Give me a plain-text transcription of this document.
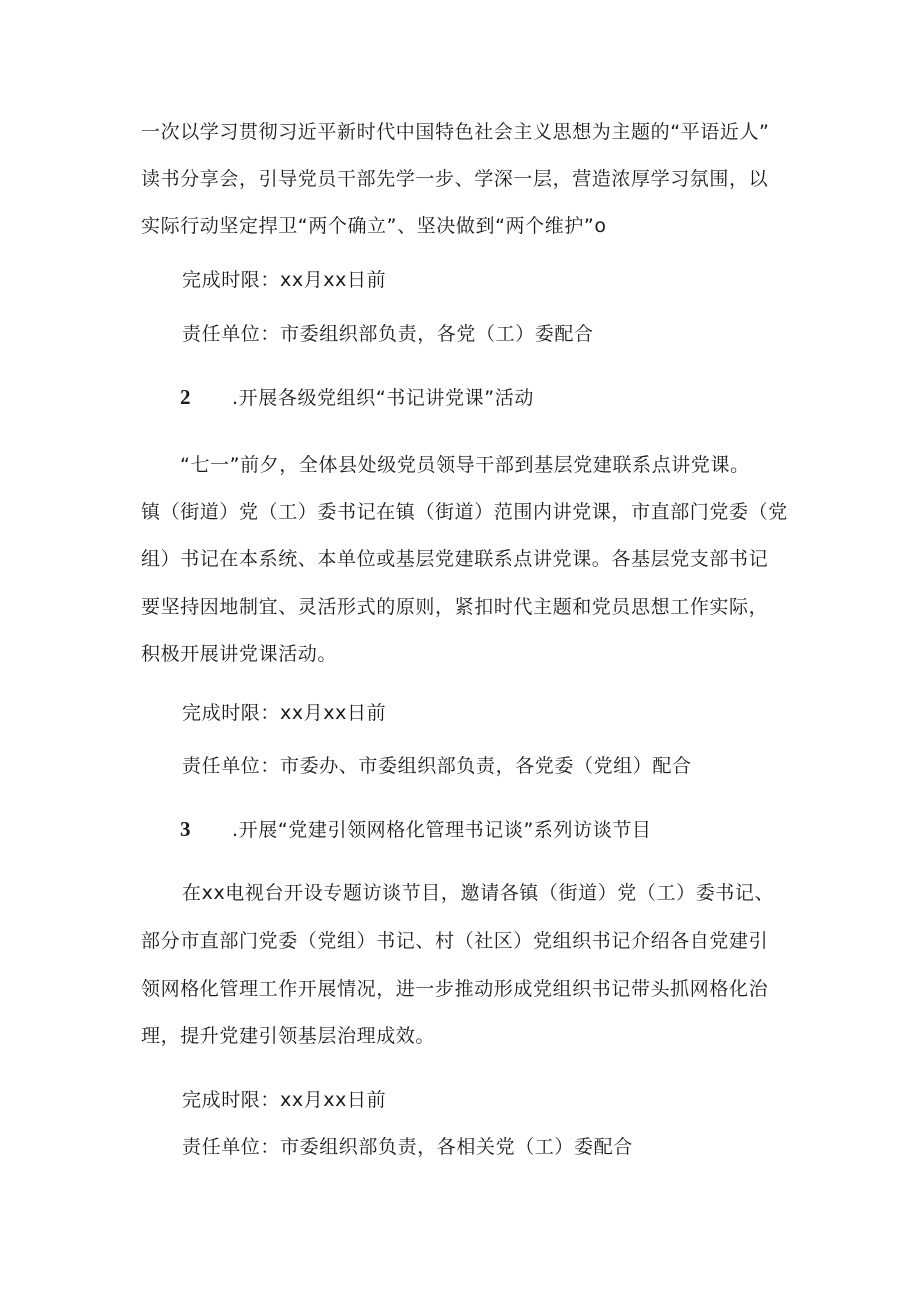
一次以学习贯彻习近平新时代中国特色社会主义思想为主题的“平语近人”
读书分享会，引导党员干部先学一步、学深一层，营造浓厚学习氛围，以
实际行动坚定捍卫“两个确立”、坚决做到“两个维护”o
完成时限：xx月xx日前
责任单位：市委组织部负责，各党（工）委配合
2 .开展各级党组织“书记讲党课”活动
“七一”前夕，全体县处级党员领导干部到基层党建联系点讲党课。
镇（街道）党（工）委书记在镇（街道）范围内讲党课，市直部门党委（党
组）书记在本系统、本单位或基层党建联系点讲党课。各基层党支部书记
要坚持因地制宜、灵活形式的原则，紧扣时代主题和党员思想工作实际，
积极开展讲党课活动。
完成时限：xx月xx日前
责任单位：市委办、市委组织部负责，各党委（党组）配合
3 .开展“党建引领网格化管理书记谈”系列访谈节目
在xx电视台开设专题访谈节目，邀请各镇（街道）党（工）委书记、
部分市直部门党委（党组）书记、村（社区）党组织书记介绍各自党建引
领网格化管理工作开展情况，进一步推动形成党组织书记带头抓网格化治
理，提升党建引领基层治理成效。
完成时限：xx月xx日前
责任单位：市委组织部负责，各相关党（工）委配合
